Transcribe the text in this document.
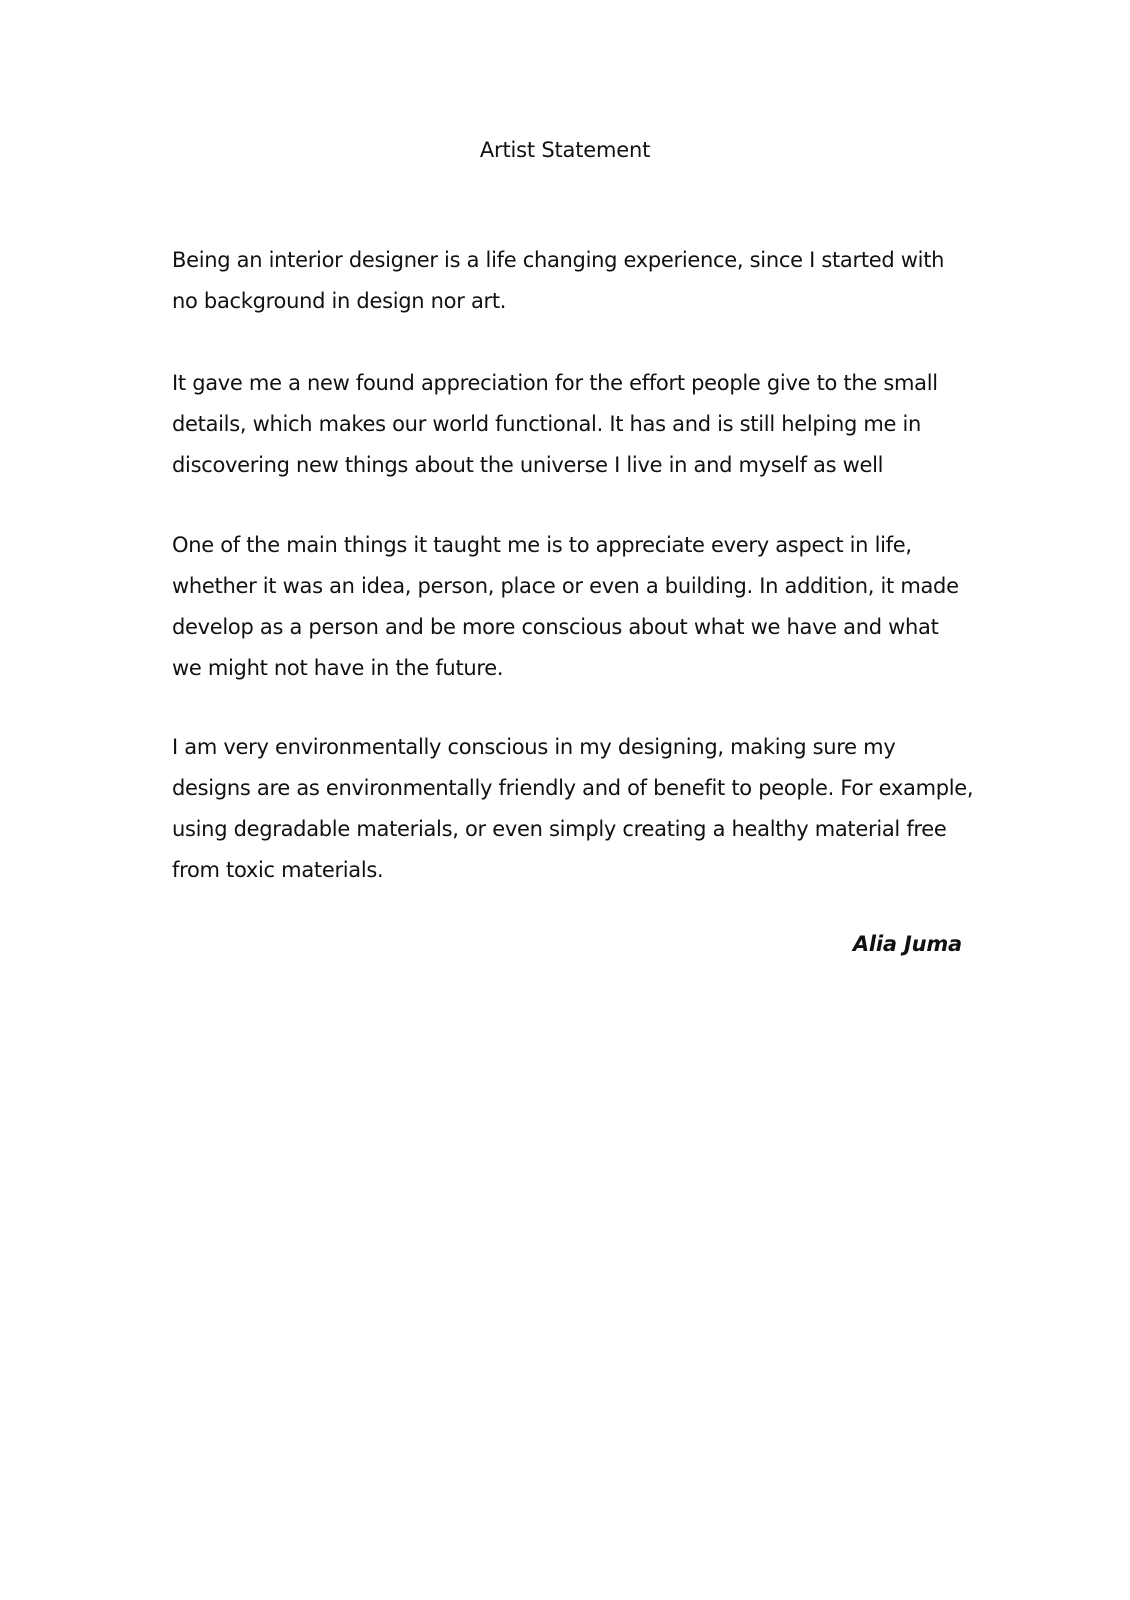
Artist Statement
Being an interior designer is a life changing experience, since I started with
no background in design nor art.
It gave me a new found appreciation for the effort people give to the small
details, which makes our world functional. It has and is still helping me in
discovering new things about the universe I live in and myself as well
One of the main things it taught me is to appreciate every aspect in life,
whether it was an idea, person, place or even a building. In addition, it made
develop as a person and be more conscious about what we have and what
we might not have in the future.
I am very environmentally conscious in my designing, making sure my
designs are as environmentally friendly and of benefit to people. For example,
using degradable materials, or even simply creating a healthy material free
from toxic materials.
Alia Juma
